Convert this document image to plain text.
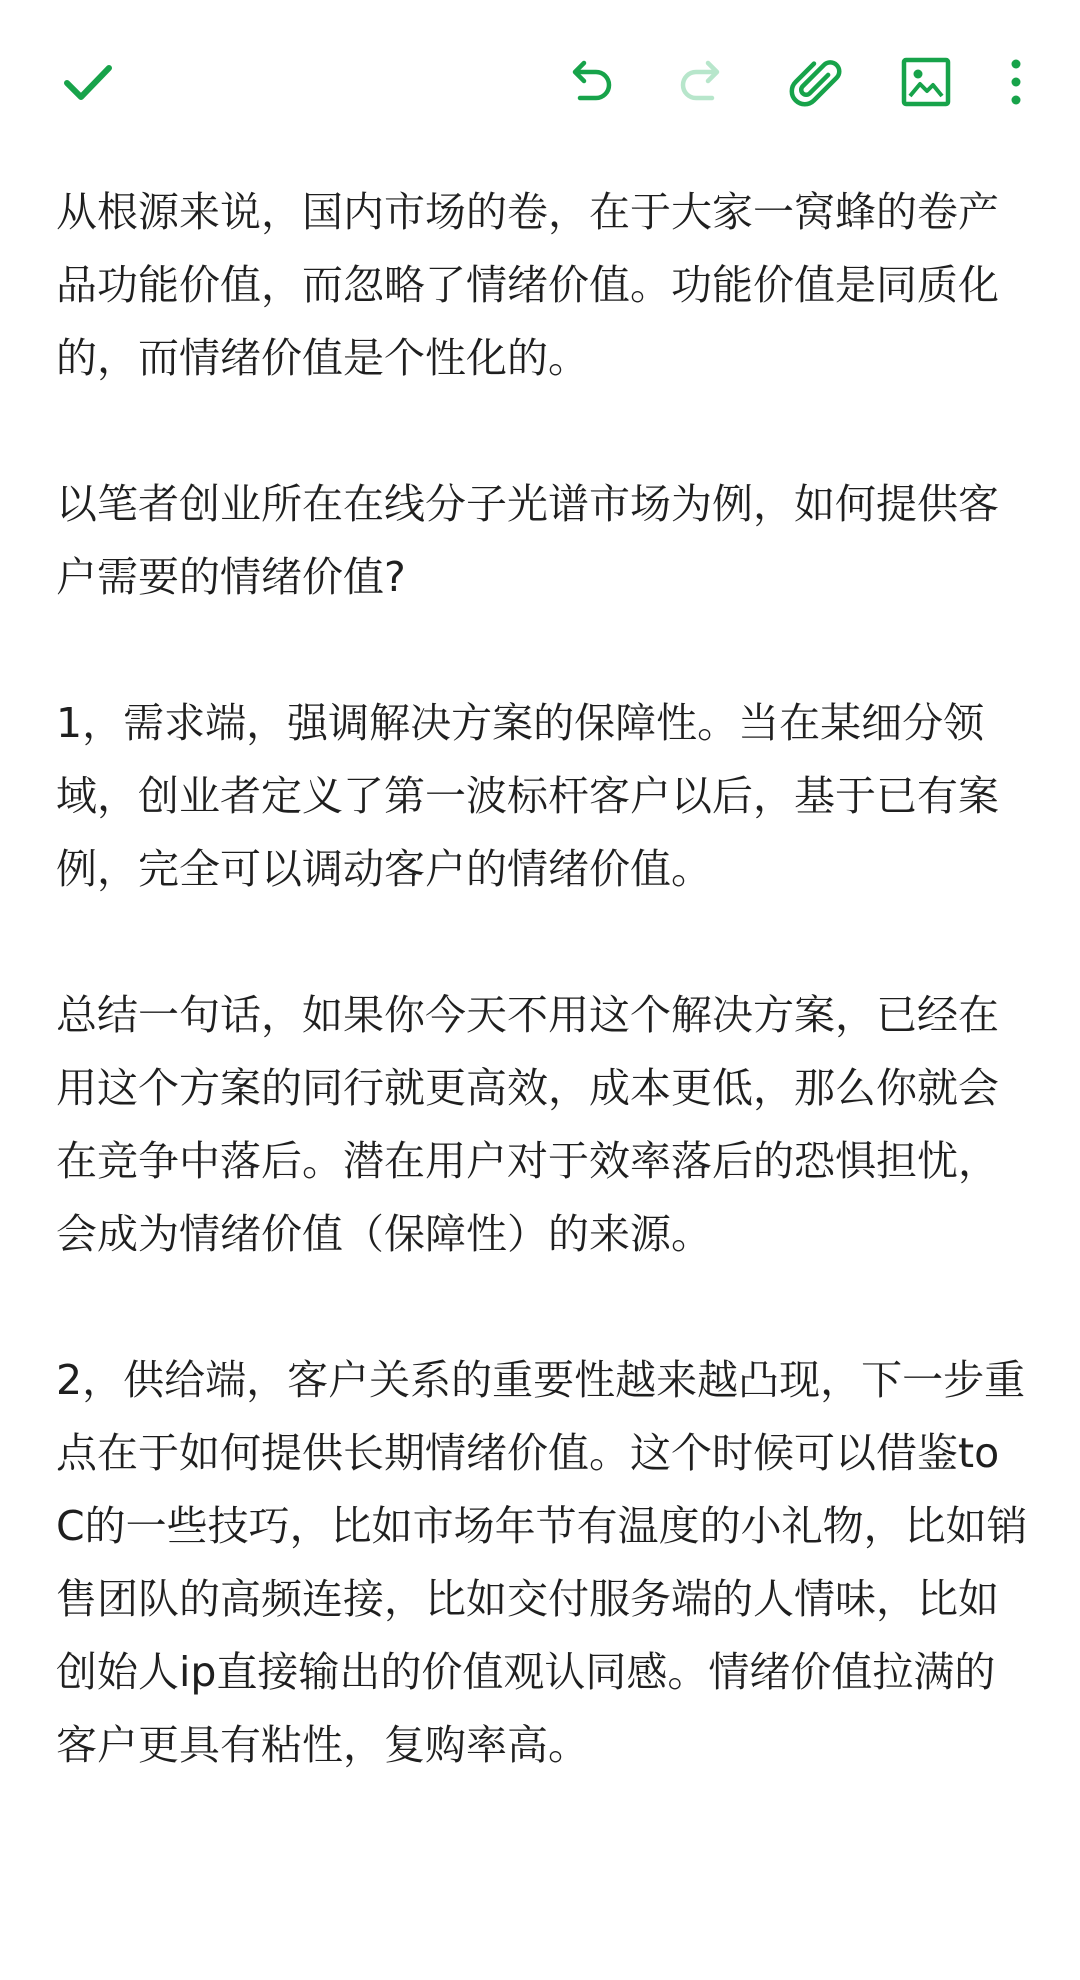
从根源来说，国内市场的卷，在于大家一窝蜂的卷产品功能价值，而忽略了情绪价值。功能价值是同质化的，而情绪价值是个性化的。

以笔者创业所在在线分子光谱市场为例，如何提供客户需要的情绪价值?

1，需求端，强调解决方案的保障性。当在某细分领域，创业者定义了第一波标杆客户以后，基于已有案例，完全可以调动客户的情绪价值。

总结一句话，如果你今天不用这个解决方案，已经在用这个方案的同行就更高效，成本更低，那么你就会在竞争中落后。潜在用户对于效率落后的恐惧担忧，会成为情绪价值（保障性）的来源。

2，供给端，客户关系的重要性越来越凸现，下一步重点在于如何提供长期情绪价值。这个时候可以借鉴to C的一些技巧，比如市场年节有温度的小礼物，比如销售团队的高频连接，比如交付服务端的人情味，比如创始人ip直接输出的价值观认同感。情绪价值拉满的客户更具有粘性，复购率高。
